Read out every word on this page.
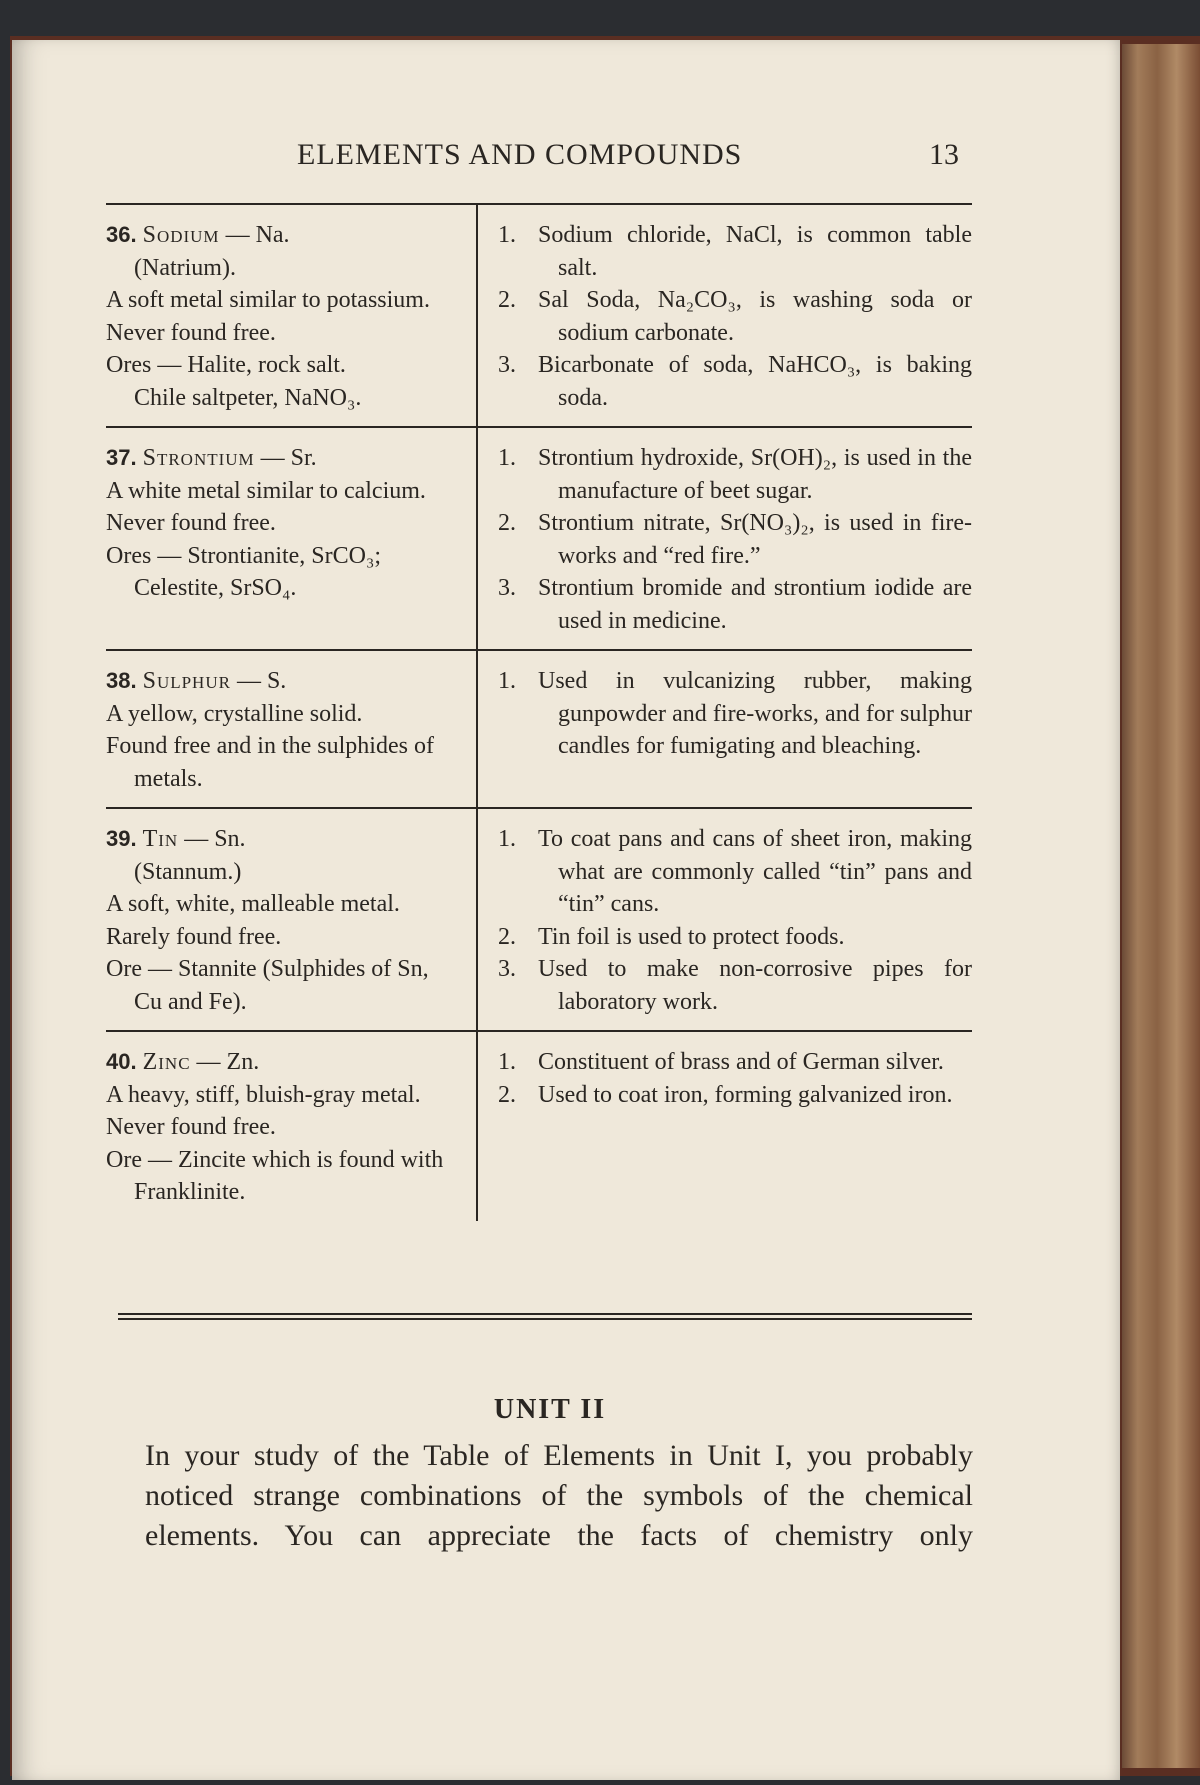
ELEMENTS AND COMPOUNDS	13

36. Sodium — Na.

(Natrium).

A soft metal similar to potassium.

Never found free.

Ores — Halite, rock salt.

Chile saltpeter, NaNO₃.

1. Sodium chloride, NaCl, is common table salt.

2. Sal Soda, Na₂CO₃, is washing soda or sodium carbonate.

3. Bicarbonate of soda, NaHCO₃, is baking soda.

37. Strontium — Sr.

A white metal similar to calcium.

Never found free.

Ores — Strontianite, SrCO₃; Celestite, SrSO₄.

1. Strontium hydroxide, Sr(OH)₂, is used in the manufacture of beet sugar.

2. Strontium nitrate, Sr(NO₃)₂, is used in fire-works and “red fire.”

3. Strontium bromide and strontium iodide are used in medicine.

38. Sulphur — S.

A yellow, crystalline solid.

Found free and in the sulphides of metals.

1. Used in vulcanizing rubber, making gunpowder and fire-works, and for sulphur candles for fumigating and bleaching.

39. Tin — Sn.

(Stannum.)

A soft, white, malleable metal.

Rarely found free.

Ore — Stannite (Sulphides of Sn, Cu and Fe).

1. To coat pans and cans of sheet iron, making what are commonly called “tin” pans and “tin” cans.

2. Tin foil is used to protect foods.

3. Used to make non-corrosive pipes for laboratory work.

40. Zinc — Zn.

A heavy, stiff, bluish-gray metal.

Never found free.

Ore — Zincite which is found with Franklinite.

1. Constituent of brass and of German silver.

2. Used to coat iron, forming galvanized iron.

UNIT II
In your study of the Table of Elements in Unit I, you probably noticed strange combinations of the symbols of the chemical elements. You can appreciate the facts of chemistry only
